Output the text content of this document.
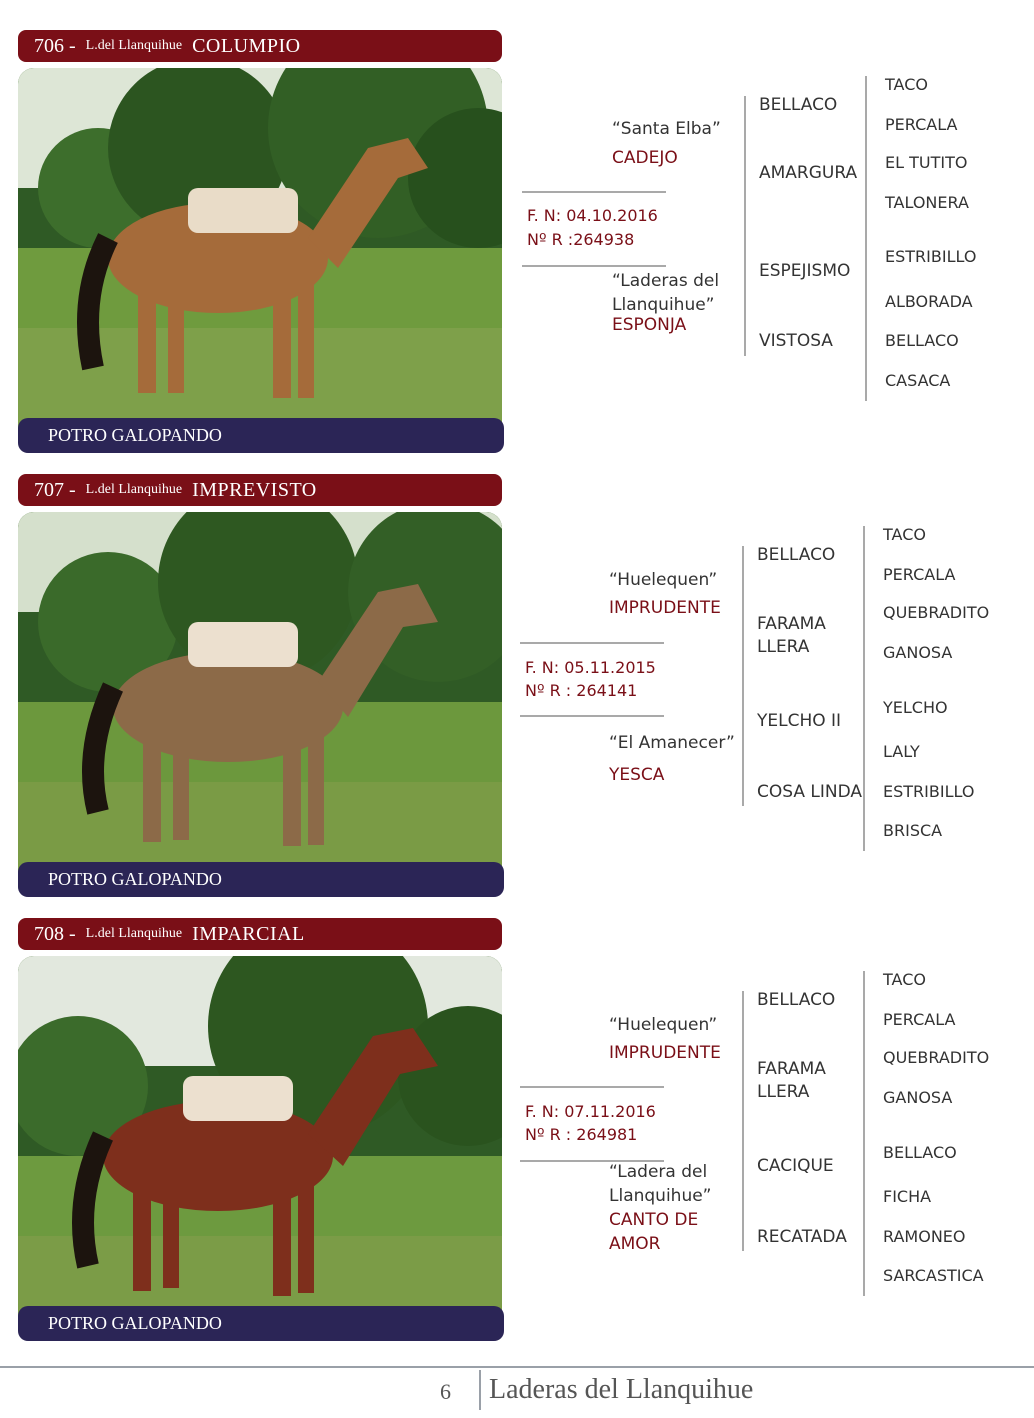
706 - L.del Llanquihue COLUMPIO
POTRO GALOPANDO
“Santa Elba”
CADEJO
F. N: 04.10.2016
Nº R :264938
“Laderas del
Llanquihue”
ESPONJA
BELLACO
AMARGURA
ESPEJISMO
VISTOSA
TACO
PERCALA
EL TUTITO
TALONERA
ESTRIBILLO
ALBORADA
BELLACO
CASACA
707 - L.del Llanquihue IMPREVISTO
POTRO GALOPANDO
“Huelequen”
IMPRUDENTE
F. N: 05.11.2015
Nº R : 264141
“El Amanecer”
YESCA
BELLACO
FARAMA LLERA
YELCHO II
COSA LINDA
TACO
PERCALA
QUEBRADITO
GANOSA
YELCHO
LALY
ESTRIBILLO
BRISCA
708 - L.del Llanquihue IMPARCIAL
POTRO GALOPANDO
“Huelequen”
IMPRUDENTE
F. N: 07.11.2016
Nº R : 264981
“Ladera del
Llanquihue”
CANTO DE
AMOR
BELLACO
FARAMA LLERA
CACIQUE
RECATADA
TACO
PERCALA
QUEBRADITO
GANOSA
BELLACO
FICHA
RAMONEO
SARCASTICA
6 Laderas del Llanquihue
